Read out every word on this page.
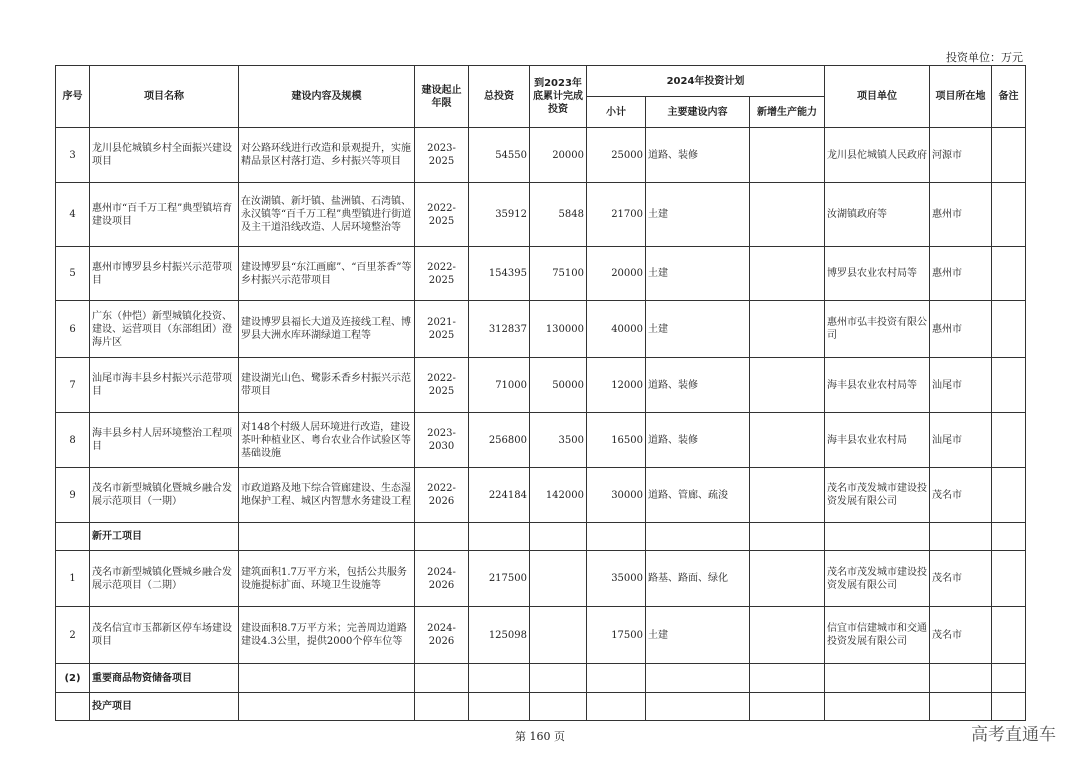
投资单位：万元
序号	项目名称	建设内容及规模	建设起止年限	总投资	到2023年底累计完成投资	2024年投资计划			项目单位	项目所在地	备注
						小计	主要建设内容	新增生产能力			
3	龙川县佗城镇乡村全面振兴建设项目	对公路环线进行改造和景观提升，实施精品景区村落打造、乡村振兴等项目	2023-2025	54550	20000	25000	道路、装修		龙川县佗城镇人民政府	河源市	
4	惠州市“百千万工程”典型镇培育建设项目	在汝湖镇、新圩镇、盐洲镇、石湾镇、永汉镇等“百千万工程”典型镇进行街道及主干道沿线改造、人居环境整治等	2022-2025	35912	5848	21700	土建		汝湖镇政府等	惠州市	
5	惠州市博罗县乡村振兴示范带项目	建设博罗县“东江画廊”、“百里茶香”等乡村振兴示范带项目	2022-2025	154395	75100	20000	土建		博罗县农业农村局等	惠州市	
6	广东（仲恺）新型城镇化投资、建设、运营项目（东部组团）澄海片区	建设博罗县福长大道及连接线工程、博罗县大洲水库环湖绿道工程等	2021-2025	312837	130000	40000	土建		惠州市弘丰投资有限公司	惠州市	
7	汕尾市海丰县乡村振兴示范带项目	建设湖光山色、鹭影禾香乡村振兴示范带项目	2022-2025	71000	50000	12000	道路、装修		海丰县农业农村局等	汕尾市	
8	海丰县乡村人居环境整治工程项目	对148个村级人居环境进行改造，建设茶叶种植业区、粤台农业合作试验区等基础设施	2023-2030	256800	3500	16500	道路、装修		海丰县农业农村局	汕尾市	
9	茂名市新型城镇化暨城乡融合发展示范项目（一期）	市政道路及地下综合管廊建设、生态湿地保护工程、城区内智慧水务建设工程	2022-2026	224184	142000	30000	道路、管廊、疏浚		茂名市茂发城市建设投资发展有限公司	茂名市	
	新开工项目										
1	茂名市新型城镇化暨城乡融合发展示范项目（二期）	建筑面积1.7万平方米，包括公共服务设施提标扩面、环境卫生设施等	2024-2026	217500		35000	路基、路面、绿化		茂名市茂发城市建设投资发展有限公司	茂名市	
2	茂名信宜市玉都新区停车场建设项目	建设面积8.7万平方米；完善周边道路建设4.3公里，提供2000个停车位等	2024-2026	125098		17500	土建		信宜市信建城市和交通投资发展有限公司	茂名市	
(2)	重要商品物资储备项目										
	投产项目										
第 160 页	高考直通车
